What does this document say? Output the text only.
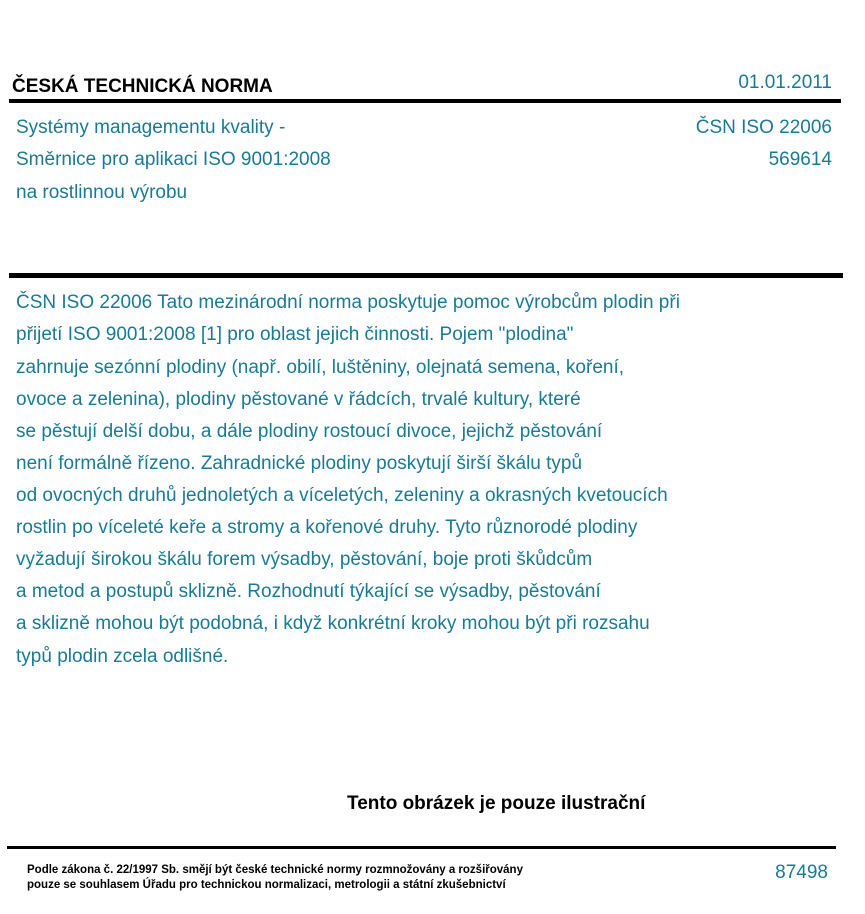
ČESKÁ TECHNICKÁ NORMA	01.01.2011
Systémy managementu kvality -
Směrnice pro aplikaci ISO 9001:2008
na rostlinnou výrobu
ČSN ISO 22006
569614
ČSN ISO 22006 Tato mezinárodní norma poskytuje pomoc výrobcům plodin při
přijetí ISO 9001:2008 [1] pro oblast jejich činnosti. Pojem "plodina"
zahrnuje sezónní plodiny (např. obilí, luštěniny, olejnatá semena, koření,
ovoce a zelenina), plodiny pěstované v řádcích, trvalé kultury, které
se pěstují delší dobu, a dále plodiny rostoucí divoce, jejichž pěstování
není formálně řízeno. Zahradnické plodiny poskytují širší škálu typů
od ovocných druhů jednoletých a víceletých, zeleniny a okrasných kvetoucích
rostlin po víceleté keře a stromy a kořenové druhy. Tyto různorodé plodiny
vyžadují širokou škálu forem výsadby, pěstování, boje proti škůdcům
a metod a postupů sklizně. Rozhodnutí týkající se výsadby, pěstování
a sklizně mohou být podobná, i když konkrétní kroky mohou být při rozsahu
typů plodin zcela odlišné.
Tento obrázek je pouze ilustrační
Podle zákona č. 22/1997 Sb. smějí být české technické normy rozmnožovány a rozšiřovány
pouze se souhlasem Úřadu pro technickou normalizaci, metrologii a státní zkušebnictví
87498
